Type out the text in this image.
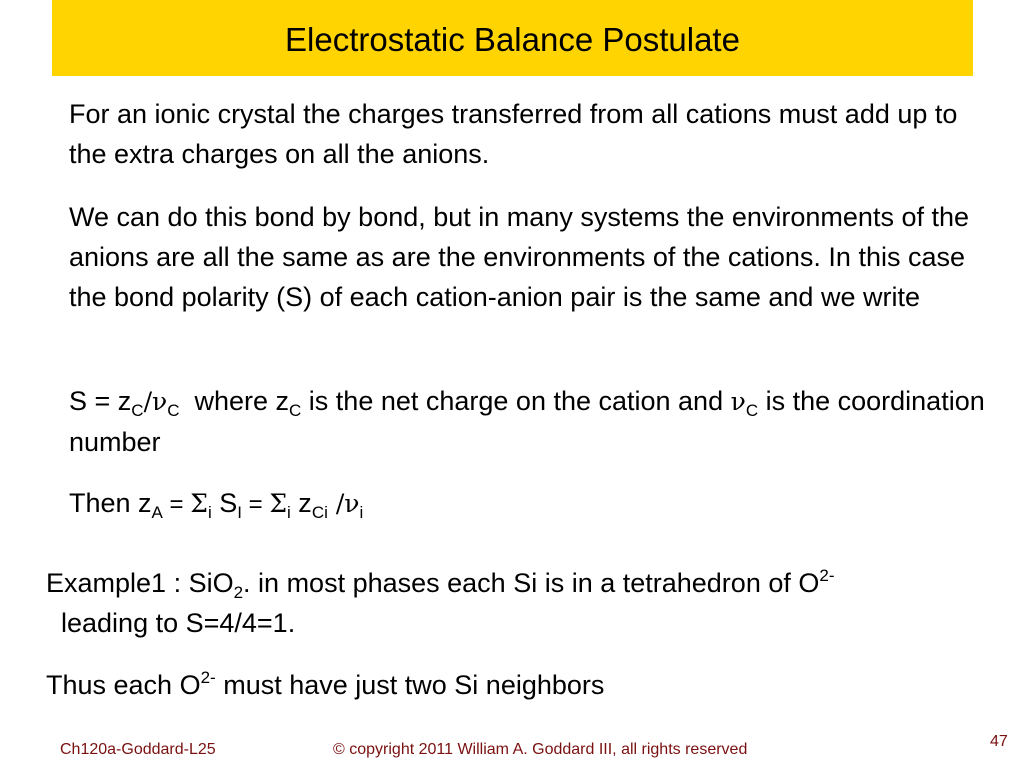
Electrostatic Balance Postulate

For an ionic crystal the charges transferred from all cations must add up to the extra charges on all the anions.

We can do this bond by bond, but in many systems the environments of the anions are all the same as are the environments of the cations. In this case the bond polarity (S) of each cation-anion pair is the same and we write

$S = z_C/\nu_C$  where $z_C$ is the net charge on the cation and $\nu_C$ is the coordination number

Then $z_A = \Sigma_i$ $S_I = \Sigma_i$ $z_{Ci}$ $/\nu_i$

Example1 : SiO$_2$. in most phases each Si is in a tetrahedron of $O^{2-}$  leading to S=4/4=1.

Thus each $O^{2-}$ must have just two Si neighbors

Ch120a-Goddard-L25	© copyright 2011 William A. Goddard III, all rights reserved	47
